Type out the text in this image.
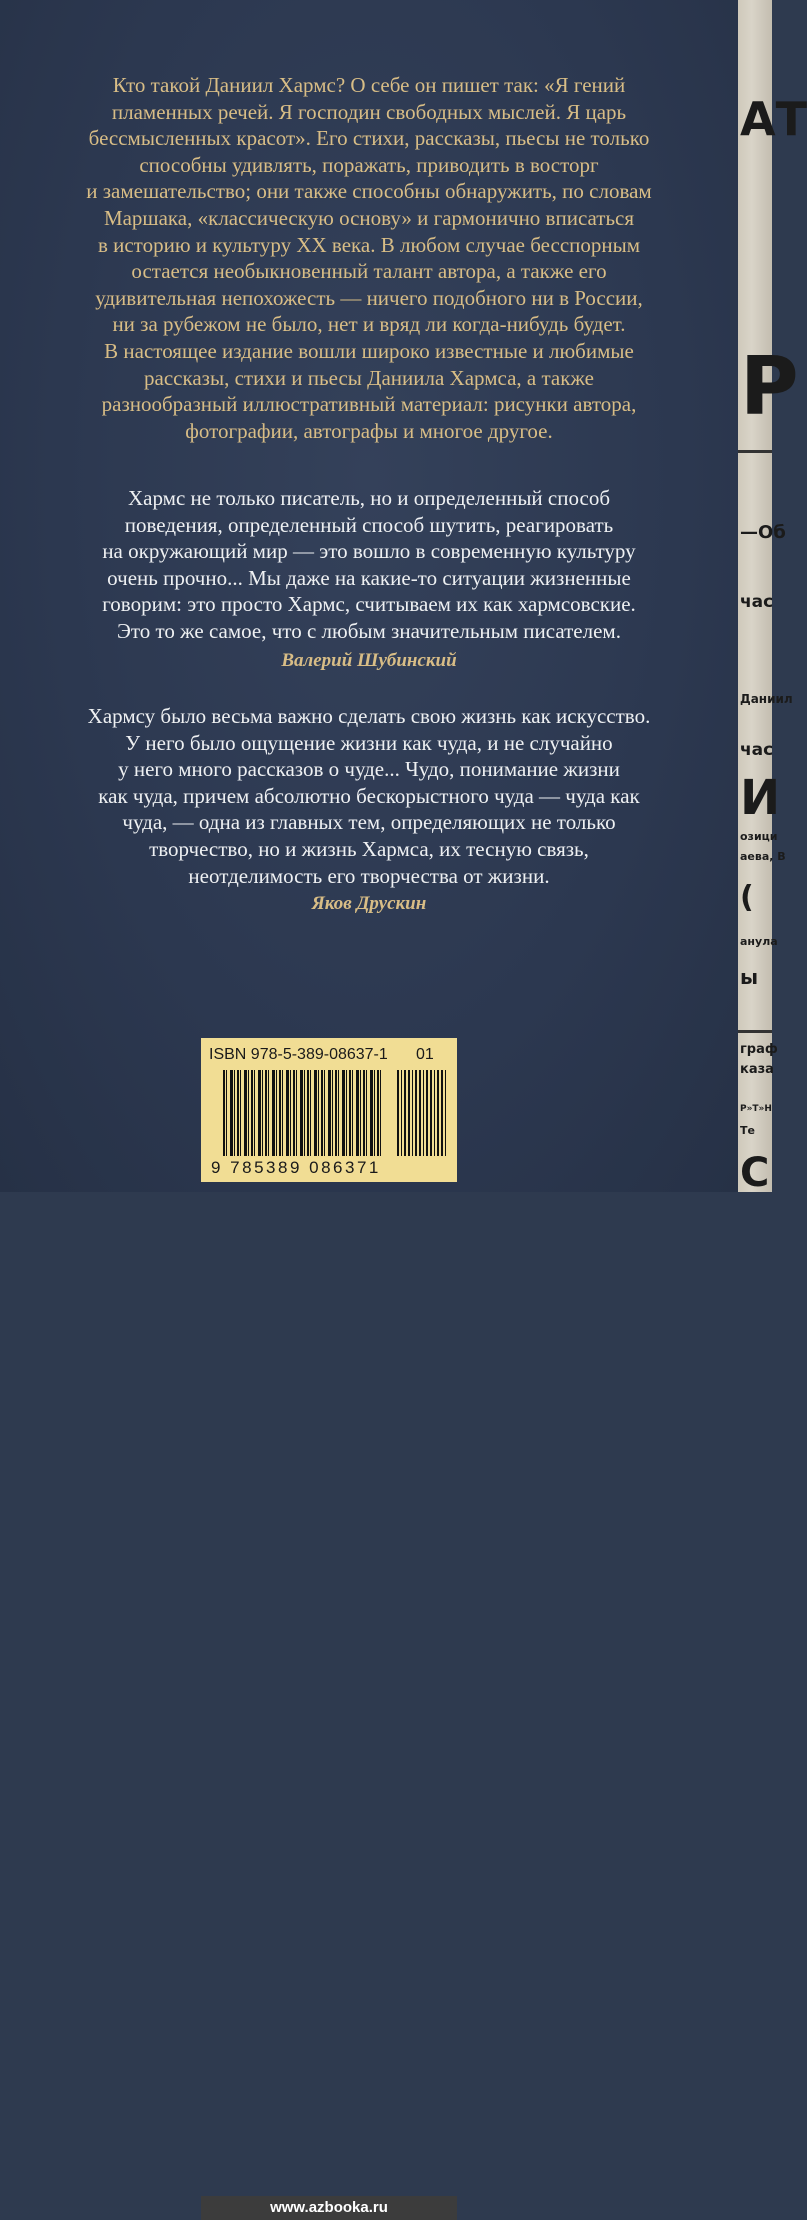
АТ
Р
—Об
час
Даниил
час
И
озици
аева, В
(
анула
ы
граф
каза
P»T»H
Те
С

Кто такой Даниил Хармс? О себе он пишет так: «Я гений

пламенных речей. Я господин свободных мыслей. Я царь

бессмысленных красот». Его стихи, рассказы, пьесы не только

способны удивлять, поражать, приводить в восторг

и замешательство; они также способны обнаружить, по словам

Маршака, «классическую основу» и гармонично вписаться

в историю и культуру XX века. В любом случае бесспорным

остается необыкновенный талант автора, а также его

удивительная непохожесть — ничего подобного ни в России,

ни за рубежом не было, нет и вряд ли когда-нибудь будет.

В настоящее издание вошли широко известные и любимые

рассказы, стихи и пьесы Даниила Хармса, а также

разнообразный иллюстративный материал: рисунки автора,

фотографии, автографы и многое другое.

Хармс не только писатель, но и определенный способ

поведения, определенный способ шутить, реагировать

на окружающий мир — это вошло в современную культуру

очень прочно... Мы даже на какие-то ситуации жизненные

говорим: это просто Хармс, считываем их как хармсовские.

Это то же самое, что с любым значительным писателем.

Валерий Шубинский

Хармсу было весьма важно сделать свою жизнь как искусство.

У него было ощущение жизни как чуда, и не случайно

у него много рассказов о чуде... Чудо, понимание жизни

как чуда, причем абсолютно бескорыстного чуда — чуда как

чуда, — одна из главных тем, определяющих не только

творчество, но и жизнь Хармса, их тесную связь,

неотделимость его творчества от жизни.

Яков Друскин
ISBN 978-5-389-08637-1 01
9 785389 086371
www.azbooka.ru
